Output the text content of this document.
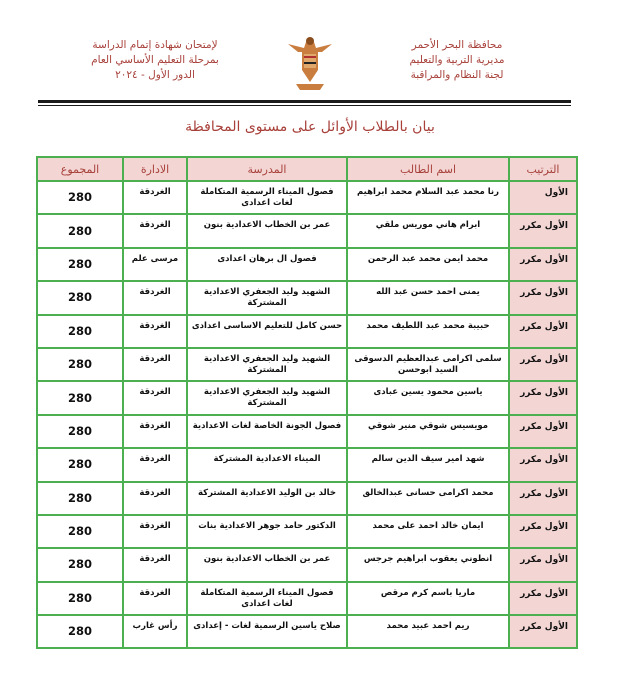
محافظة البحر الأحمر
مديرية التربية والتعليم
لجنة النظام والمراقبة
لإمتحان شهادة إتمام الدراسة
بمرحلة التعليم الأساسي العام
الدور الأول - ٢٠٢٤
بيان بالطلاب الأوائل على مستوى المحافظة
الترتيب	اسم الطالب	المدرسة	الادارة	المجموع
الأول	رنا محمد عبد السلام محمد ابراهيم	فصول الميناء الرسمية المتكاملة لغات اعدادى	الغردقة	280
الأول مكرر	ابرام هاني موريس ملقي	عمر بن الخطاب الاعدادية بنون	الغردقة	280
الأول مكرر	محمد ايمن محمد عبد الرحمن	فصول ال برهان اعدادى	مرسى علم	280
الأول مكرر	يمنى احمد حسن عبد الله	الشهيد وليد الجعفري الاعدادية المشتركة	الغردقة	280
الأول مكرر	حبيبة محمد عبد اللطيف محمد	حسن كامل للتعليم الاساسى اعدادى	الغردقة	280
الأول مكرر	سلمى اكرامى عبدالعظيم الدسوقى السيد ابوحسن	الشهيد وليد الجعفري الاعدادية المشتركة	الغردقة	280
الأول مكرر	ياسين محمود يسين عبادى	الشهيد وليد الجعفري الاعدادية المشتركة	الغردقة	280
الأول مكرر	مويسيس شوقي منير شوقي	فصول الجونة الخاصة لغات الاعدادية	الغردقة	280
الأول مكرر	شهد امير سيف الدين سالم	الميناء الاعدادية المشتركة	الغردقة	280
الأول مكرر	محمد اكرامى حسانى عبدالخالق	خالد بن الوليد الاعدادية المشتركة	الغردقة	280
الأول مكرر	ايمان خالد احمد على محمد	الدكتور حامد جوهر الاعدادية بنات	الغردقة	280
الأول مكرر	انطوني يعقوب ابراهيم جرجس	عمر بن الخطاب الاعدادية بنون	الغردقة	280
الأول مكرر	ماريا باسم كرم مرقص	فصول الميناء الرسمية المتكاملة لغات اعدادى	الغردقة	280
الأول مكرر	ريم احمد عبيد محمد	صلاح ياسين الرسمية لغات - إعدادى	رأس غارب	280
